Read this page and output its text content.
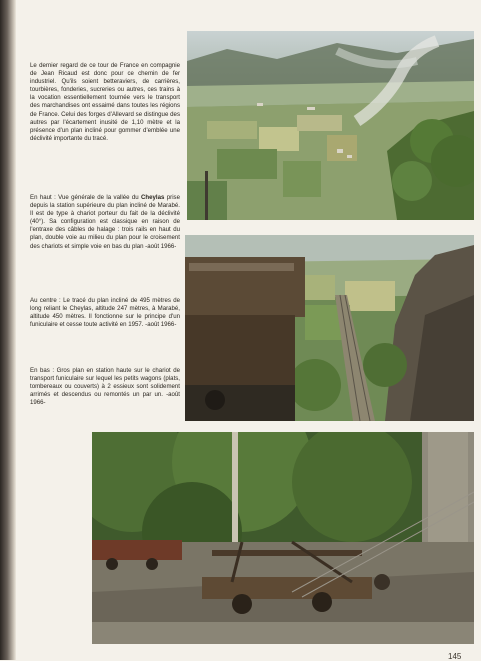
Le dernier regard de ce tour de France en compagnie de Jean Ricaud est donc pour ce chemin de fer industriel. Qu'ils soient betteraviers, de carrières, tourbières, fonderies, sucreries ou autres, ces trains à la vocation essentiellement tournée vers le transport des marchandises ont essaimé dans toutes les régions de France. Celui des forges d'Allevard se distingue des autres par l'écartement inusité de 1,10 mètre et la présence d'un plan incliné pour gommer d'emblée une déclivité importante du tracé.

En haut : Vue générale de la vallée du Cheylas prise depuis la station supérieure du plan incliné de Marabé. Il est de type à chariot porteur du fait de la déclivité (40°). Sa configuration est classique en raison de l'entraxe des câbles de halage : trois rails en haut du plan, double voie au milieu du plan pour le croisement des chariots et simple voie en bas du plan -août 1966-

Au centre : Le tracé du plan incliné de 495 mètres de long reliant le Cheylas, altitude 247 mètres, à Marabé, altitude 450 mètres. Il fonctionne sur le principe d'un funiculaire et cesse toute activité en 1957. -août 1966-

En bas : Gros plan en station haute sur le chariot de transport funiculaire sur lequel les petits wagons (plats, tombereaux ou couverts) à 2 essieux sont solidement arrimés et descendus ou remontés un par un. -août 1966-

145
